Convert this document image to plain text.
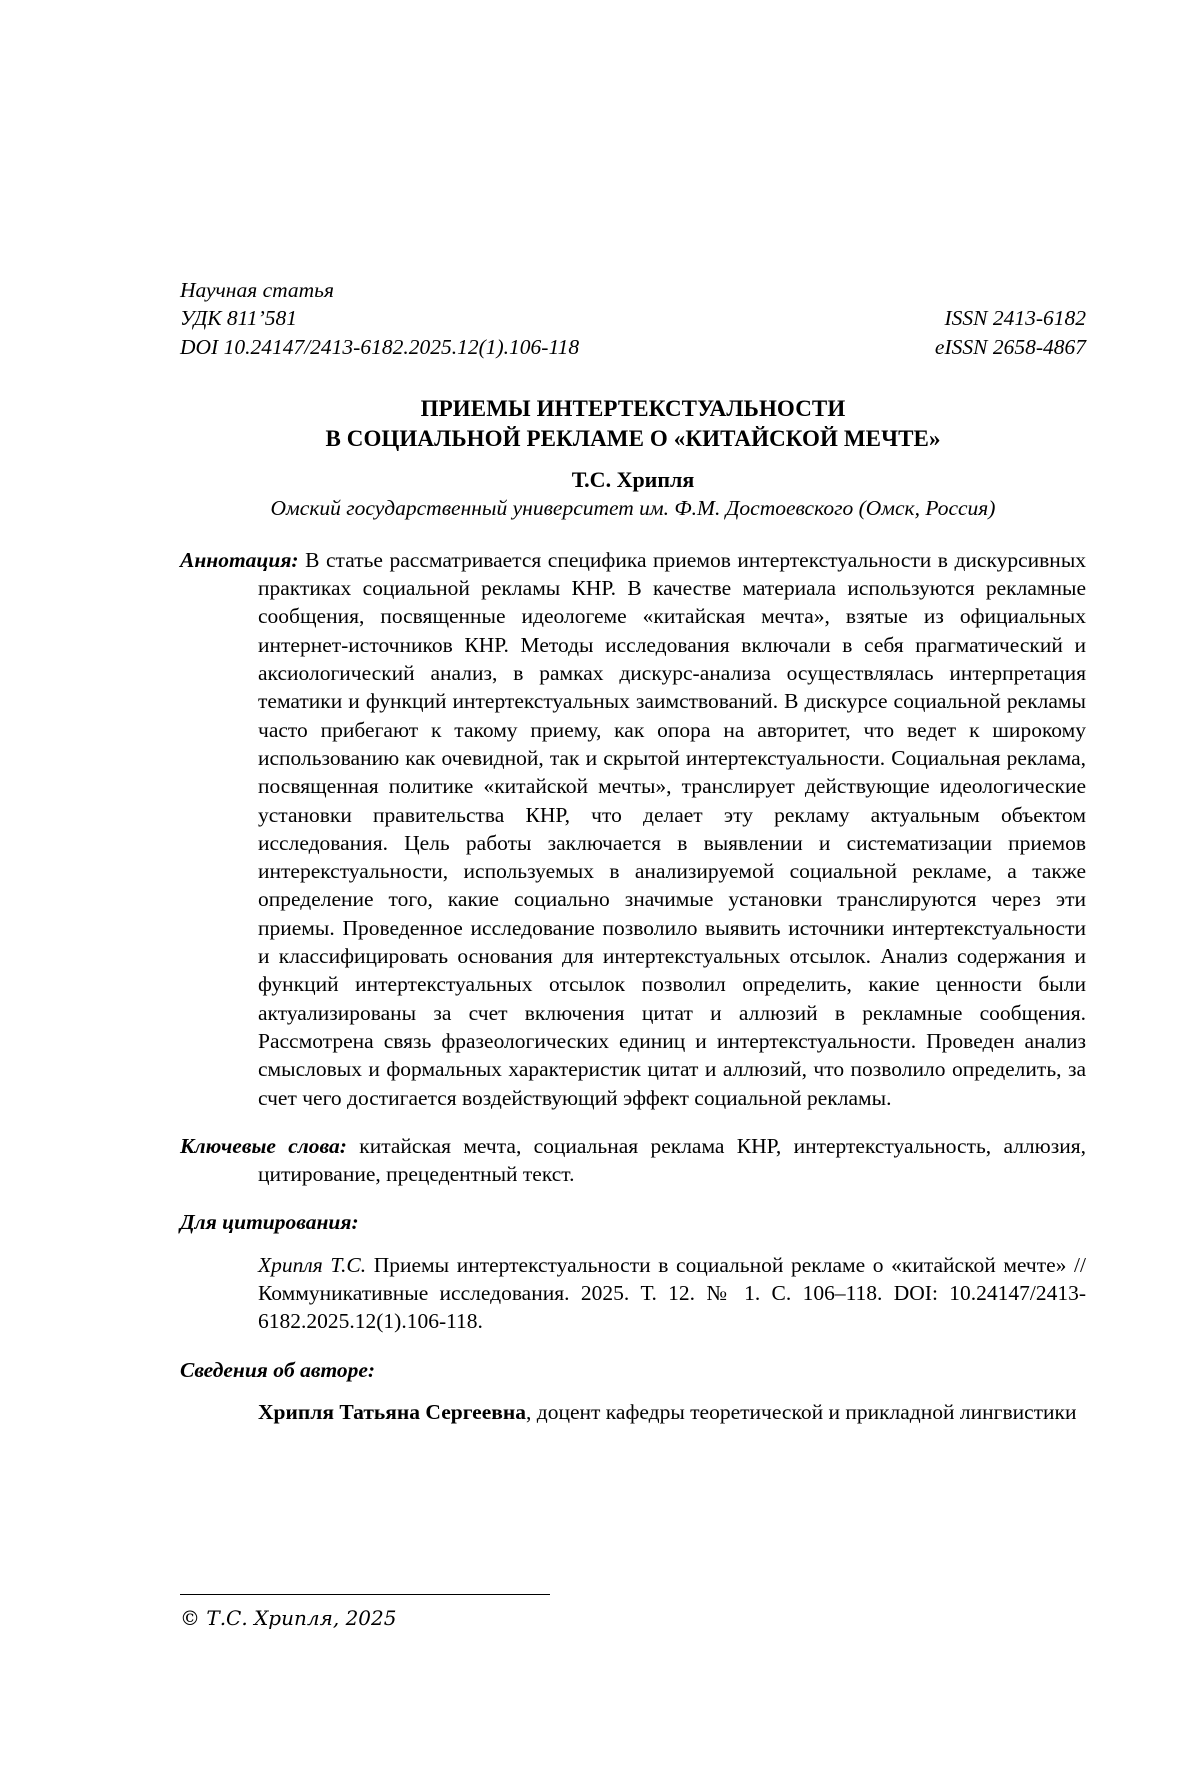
Научная статья
УДК 811’581	ISSN 2413-6182
DOI 10.24147/2413-6182.2025.12(1).106-118	eISSN 2658-4867
ПРИЕМЫ ИНТЕРТЕКСТУАЛЬНОСТИ
В СОЦИАЛЬНОЙ РЕКЛАМЕ О «КИТАЙСКОЙ МЕЧТЕ»
Т.С. Хрипля
Омский государственный университет им. Ф.М. Достоевского (Омск, Россия)

Аннотация: В статье рассматривается специфика приемов интертекстуальности в дискурсивных практиках социальной рекламы КНР. В качестве материала используются рекламные сообщения, посвященные идеологеме «китайская мечта», взятые из официальных интернет-источников КНР. Методы исследования включали в себя прагматический и аксиологический анализ, в рамках дискурс-анализа осуществлялась интерпретация тематики и функций интертекстуальных заимствований. В дискурсе социальной рекламы часто прибегают к такому приему, как опора на авторитет, что ведет к широкому использованию как очевидной, так и скрытой интертекстуальности. Социальная реклама, посвященная политике «китайской мечты», транслирует действующие идеологические установки правительства КНР, что делает эту рекламу актуальным объектом исследования. Цель работы заключается в выявлении и систематизации приемов интерекстуальности, используемых в анализируемой социальной рекламе, а также определение того, какие социально значимые установки транслируются через эти приемы. Проведенное исследование позволило выявить источники интертекстуальности и классифицировать основания для интертекстуальных отсылок. Анализ содержания и функций интертекстуальных отсылок позволил определить, какие ценности были актуализированы за счет включения цитат и аллюзий в рекламные сообщения. Рассмотрена связь фразеологических единиц и интертекстуальности. Проведен анализ смысловых и формальных характеристик цитат и аллюзий, что позволило определить, за счет чего достигается воздействующий эффект социальной рекламы.

Ключевые слова: китайская мечта, социальная реклама КНР, интертекстуальность, аллюзия, цитирование, прецедентный текст.

Для цитирования:

Хрипля Т.С. Приемы интертекстуальности в социальной рекламе о «китайской мечте» // Коммуникативные исследования. 2025. Т. 12. № 1. С. 106–118. DOI: 10.24147/2413-6182.2025.12(1).106-118.

Сведения об авторе:

Хрипля Татьяна Сергеевна, доцент кафедры теоретической и прикладной лингвистики

© Т.С. Хрипля, 2025
